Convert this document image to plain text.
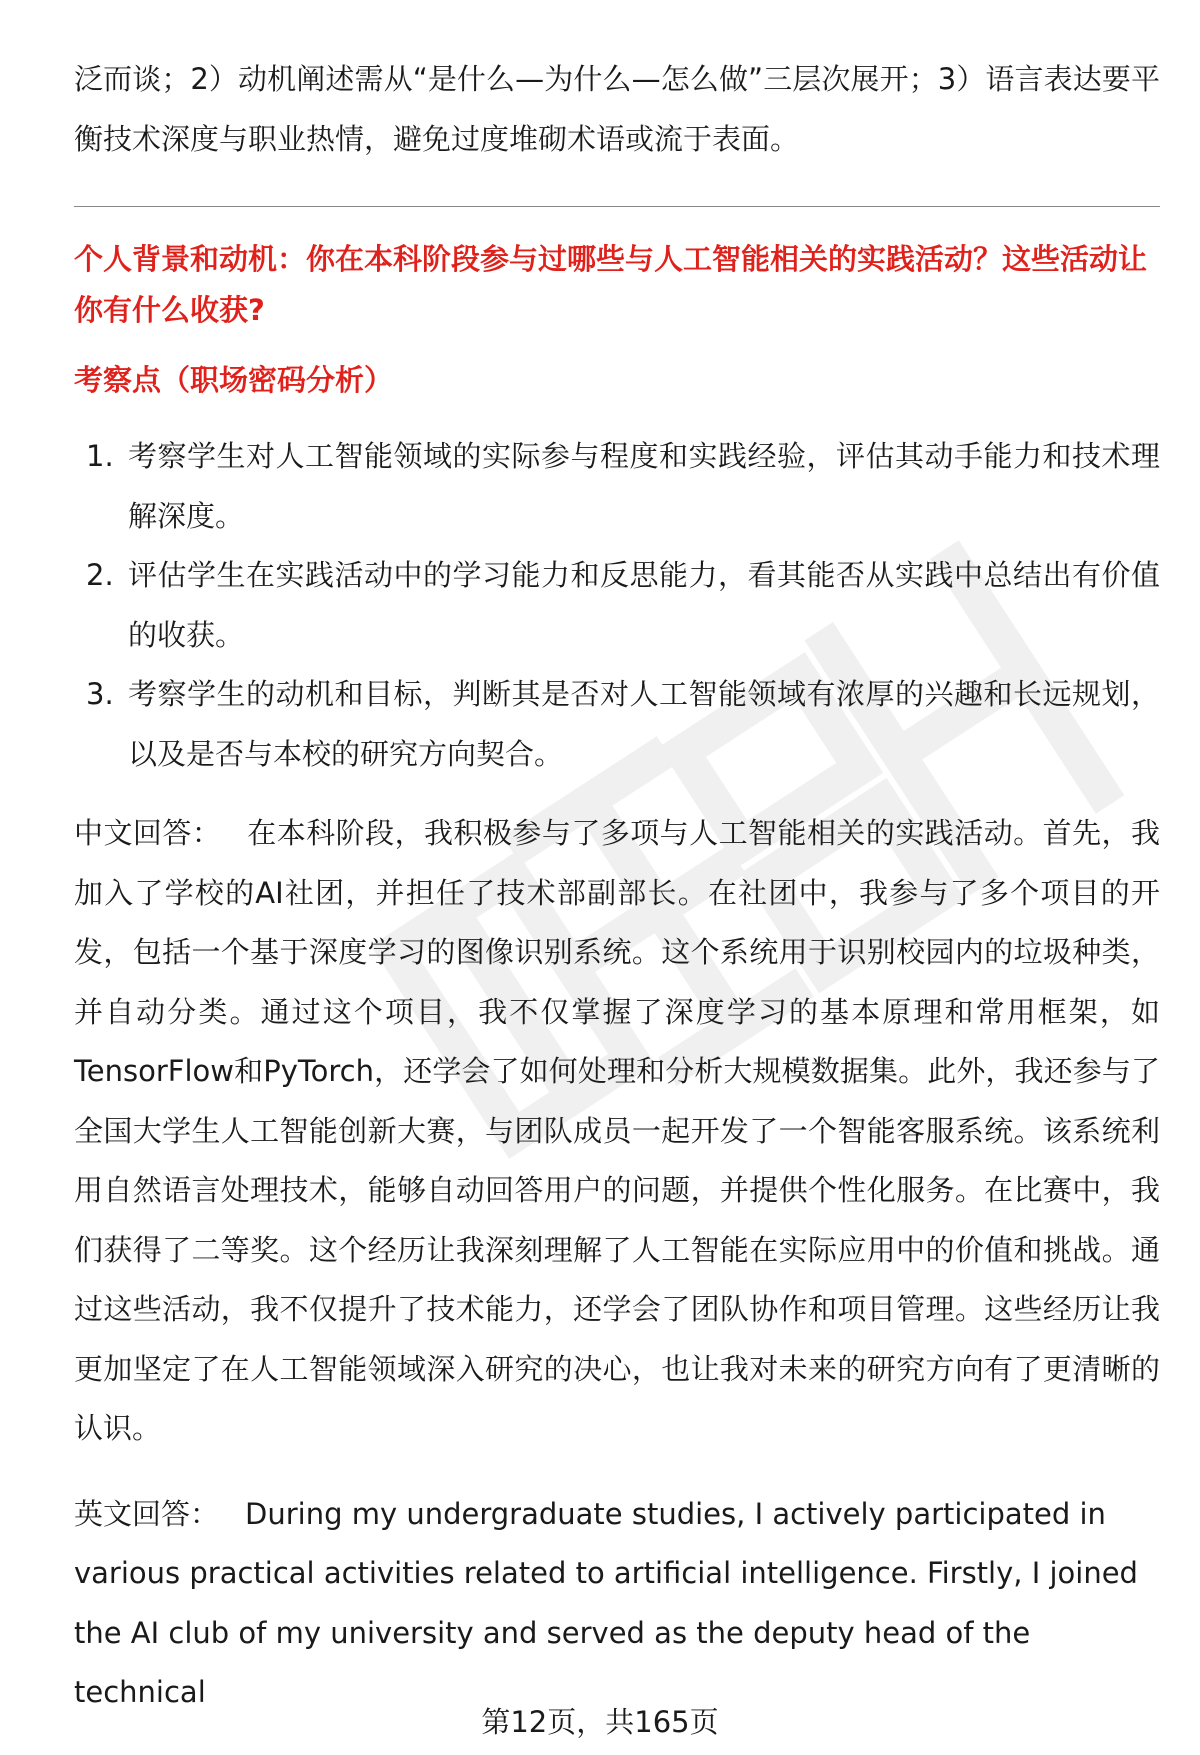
泛而谈；2）动机阐述需从“是什么—为什么—怎么做”三层次展开；3）语言表达要平衡技术深度与职业热情，避免过度堆砌术语或流于表面。

个人背景和动机：你在本科阶段参与过哪些与人工智能相关的实践活动？这些活动让你有什么收获?

考察点（职场密码分析）

1. 考察学生对人工智能领域的实际参与程度和实践经验，评估其动手能力和技术理解深度。
2. 评估学生在实践活动中的学习能力和反思能力，看其能否从实践中总结出有价值的收获。
3. 考察学生的动机和目标，判断其是否对人工智能领域有浓厚的兴趣和长远规划，以及是否与本校的研究方向契合。

中文回答： 在本科阶段，我积极参与了多项与人工智能相关的实践活动。首先，我加入了学校的AI社团，并担任了技术部副部长。在社团中，我参与了多个项目的开发，包括一个基于深度学习的图像识别系统。这个系统用于识别校园内的垃圾种类，并自动分类。通过这个项目，我不仅掌握了深度学习的基本原理和常用框架，如TensorFlow和PyTorch，还学会了如何处理和分析大规模数据集。此外，我还参与了全国大学生人工智能创新大赛，与团队成员一起开发了一个智能客服系统。该系统利用自然语言处理技术，能够自动回答用户的问题，并提供个性化服务。在比赛中，我们获得了二等奖。这个经历让我深刻理解了人工智能在实际应用中的价值和挑战。通过这些活动，我不仅提升了技术能力，还学会了团队协作和项目管理。这些经历让我更加坚定了在人工智能领域深入研究的决心，也让我对未来的研究方向有了更清晰的认识。

英文回答： During my undergraduate studies, I actively participated in various practical activities related to artificial intelligence. Firstly, I joined the AI club of my university and served as the deputy head of the technical

第12页，共165页
